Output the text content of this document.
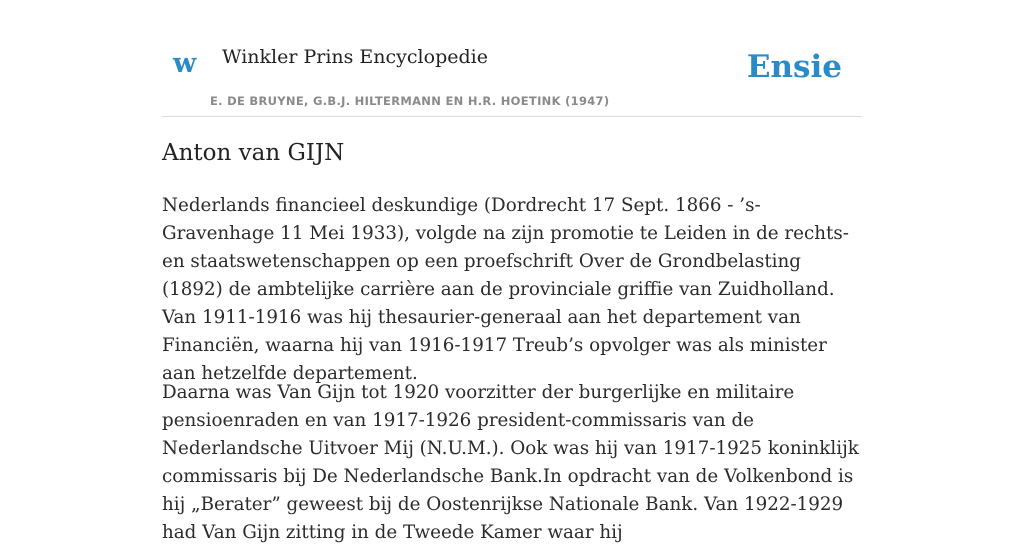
w Winkler Prins Encyclopedie
E. DE BRUYNE, G.B.J. HILTERMANN EN H.R. HOETINK (1947)
Ensie
Anton van GIJN

Nederlands financieel deskundige (Dordrecht 17 Sept. 1866 - ’s-Gravenhage 11 Mei 1933), volgde na zijn promotie te Leiden in de rechts- en staatswetenschappen op een proefschrift Over de Grondbelasting (1892) de ambtelijke carrière aan de provinciale griffie van Zuidholland. Van 1911-1916 was hij thesaurier-generaal aan het departement van Financiën, waarna hij van 1916-1917 Treub’s opvolger was als minister aan hetzelfde departement.

Daarna was Van Gijn tot 1920 voorzitter der burgerlijke en militaire pensioenraden en van 1917-1926 president-commissaris van de Nederlandsche Uitvoer Mij (N.U.M.). Ook was hij van 1917-1925 koninklijk commissaris bij De Nederlandsche Bank.In opdracht van de Volkenbond is hij „Berater” geweest bij de Oostenrijkse Nationale Bank. Van 1922-1929 had Van Gijn zitting in de Tweede Kamer waar hij
